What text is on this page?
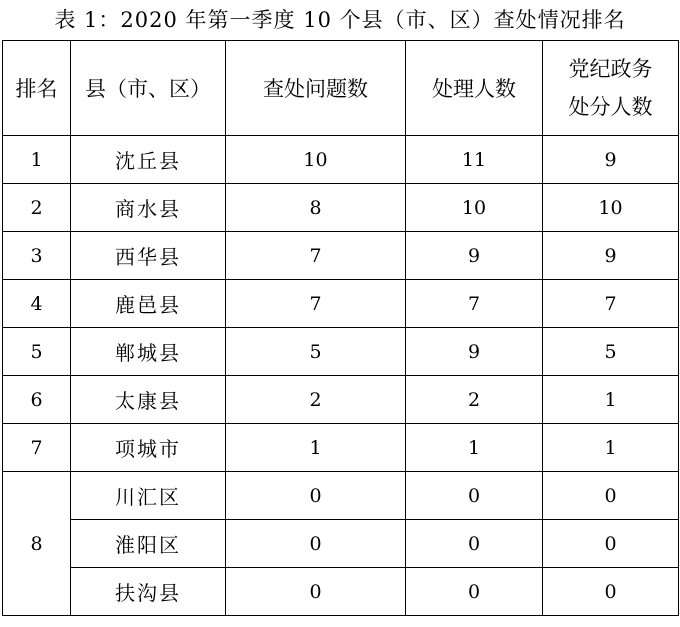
表 1：2020 年第一季度 10 个县（市、区）查处情况排名
排名	县（市、区）	查处问题数	处理人数	党纪政务
处分人数

1	沈丘县	10	11	9
2	商水县	8	10	10
3	西华县	7	9	9
4	鹿邑县	7	7	7
5	郸城县	5	9	5
6	太康县	2	2	1
7	项城市	1	1	1
8	川汇区	0	0	0
	淮阳区	0	0	0
	扶沟县	0	0	0
